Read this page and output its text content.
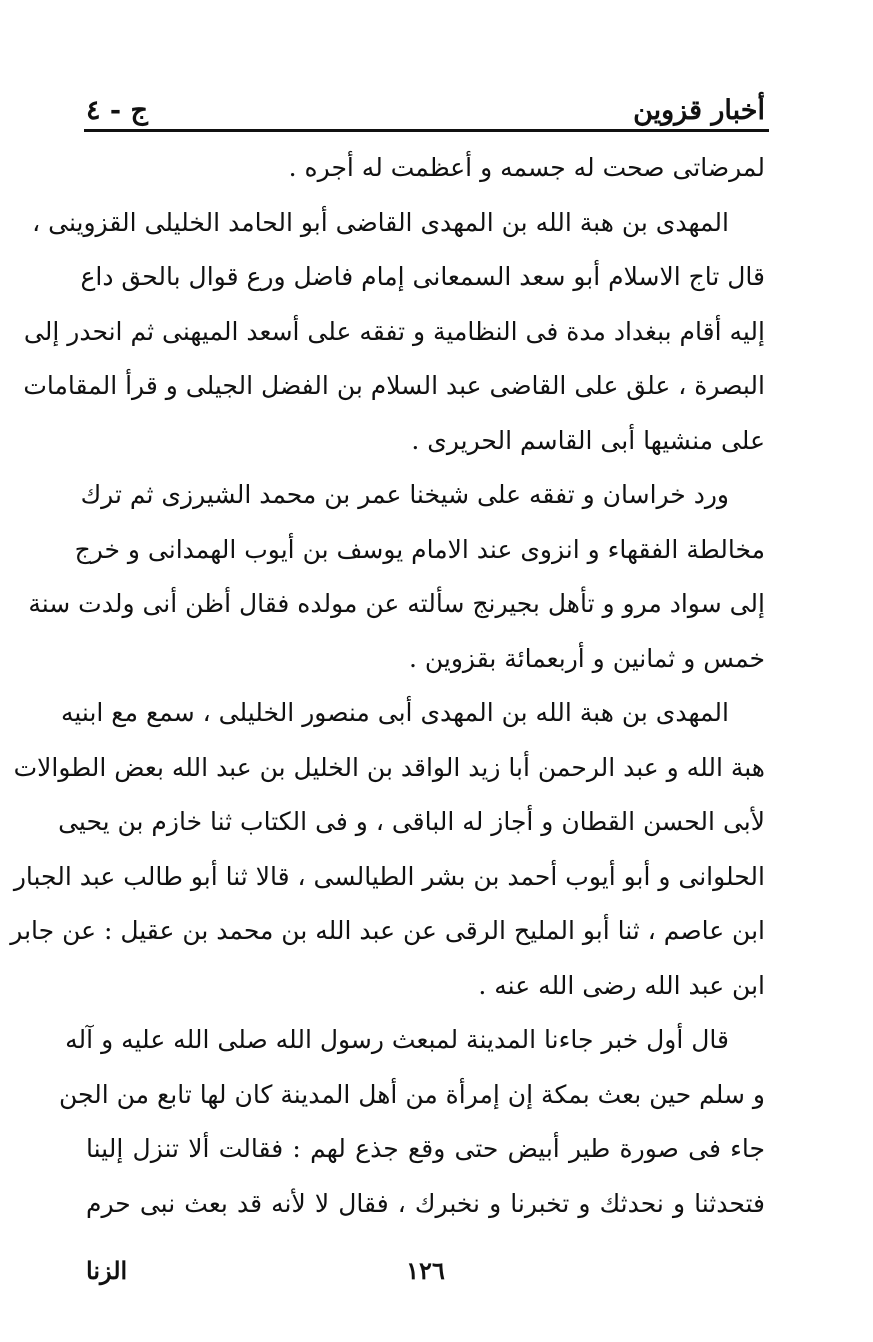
أخبار قزوين
ج - ٤
لمرضاتى صحت له جسمه و أعظمت له أجره .
المهدى بن هبة الله بن المهدى القاضى أبو الحامد الخليلى القزوينى ،
قال تاج الاسلام أبو سعد السمعانى إمام فاضل ورع قوال بالحق داع
إليه أقام ببغداد مدة فى النظامية و تفقه على أسعد الميهنى ثم انحدر إلى
البصرة ، علق على القاضى عبد السلام بن الفضل الجيلى و قرأ المقامات
على منشيها أبى القاسم الحريرى .
ورد خراسان و تفقه على شيخنا عمر بن محمد الشيرزى ثم ترك
مخالطة الفقهاء و انزوى عند الامام يوسف بن أيوب الهمدانى و خرج
إلى سواد مرو و تأهل بجيرنج سألته عن مولده فقال أظن أنى ولدت سنة
خمس و ثمانين و أربعمائة بقزوين .
المهدى بن هبة الله بن المهدى أبى منصور الخليلى ، سمع مع ابنيه
هبة الله و عبد الرحمن أبا زيد الواقد بن الخليل بن عبد الله بعض الطوالات
لأبى الحسن القطان و أجاز له الباقى ، و فى الكتاب ثنا خازم بن يحيى
الحلوانى و أبو أيوب أحمد بن بشر الطيالسى ، قالا ثنا أبو طالب عبد الجبار
ابن عاصم ، ثنا أبو المليح الرقى عن عبد الله بن محمد بن عقيل : عن جابر
ابن عبد الله رضى الله عنه .
قال أول خبر جاءنا المدينة لمبعث رسول الله صلى الله عليه و آله
و سلم حين بعث بمكة إن إمرأة من أهل المدينة كان لها تابع من الجن
جاء فى صورة طير أبيض حتى وقع جذع لهم : فقالت ألا تنزل إلينا
فتحدثنا و نحدثك و تخبرنا و نخبرك ، فقال لا لأنه قد بعث نبى حرم
١٢٦
الزنا
